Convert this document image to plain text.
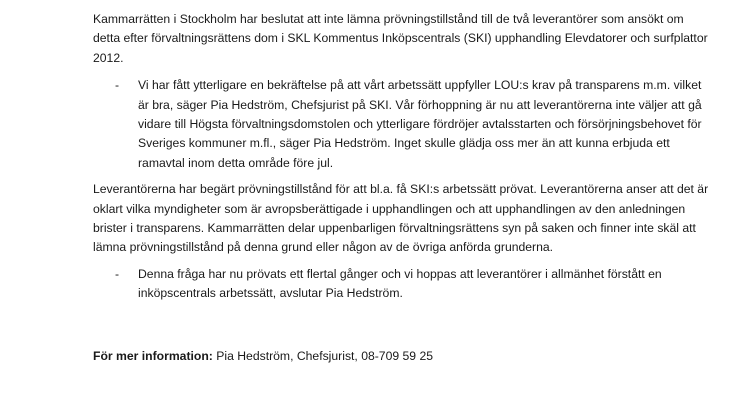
Kammarrätten i Stockholm har beslutat att inte lämna prövningstillstånd till de två leverantörer som ansökt om detta efter förvaltningsrättens dom i SKL Kommentus Inköpscentrals (SKI) upphandling Elevdatorer och surfplattor 2012.

- Vi har fått ytterligare en bekräftelse på att vårt arbetssätt uppfyller LOU:s krav på transparens m.m. vilket är bra, säger Pia Hedström, Chefsjurist på SKI. Vår förhoppning är nu att leverantörerna inte väljer att gå vidare till Högsta förvaltningsdomstolen och ytterligare fördröjer avtalsstarten och försörjningsbehovet för Sveriges kommuner m.fl., säger Pia Hedström. Inget skulle glädja oss mer än att kunna erbjuda ett ramavtal inom detta område före jul.

Leverantörerna har begärt prövningstillstånd för att bl.a. få SKI:s arbetssätt prövat. Leverantörerna anser att det är oklart vilka myndigheter som är avropsberättigade i upphandlingen och att upphandlingen av den anledningen brister i transparens. Kammarrätten delar uppenbarligen förvaltningsrättens syn på saken och finner inte skäl att lämna prövningstillstånd på denna grund eller någon av de övriga anförda grunderna.

- Denna fråga har nu prövats ett flertal gånger och vi hoppas att leverantörer i allmänhet förstått en inköpscentrals arbetssätt, avslutar Pia Hedström.

För mer information: Pia Hedström, Chefsjurist, 08-709 59 25
